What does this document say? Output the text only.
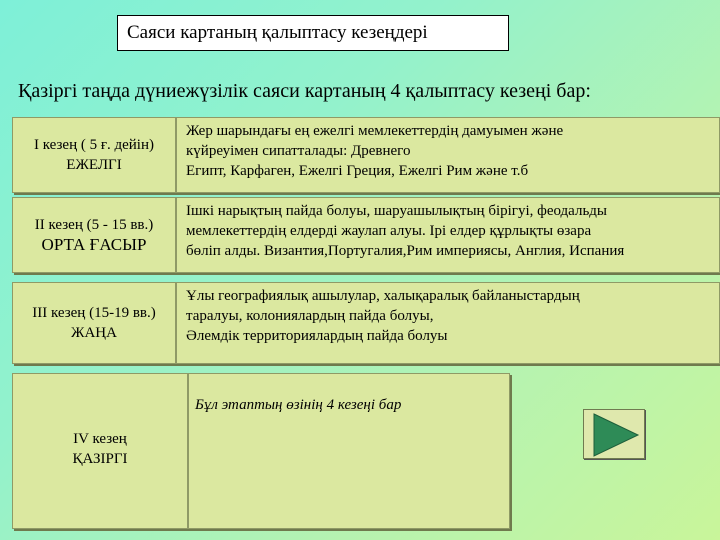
Саяси картаның қалыптасу кезеңдері
Қазіргі таңда дүниежүзілік саяси картаның 4 қалыптасу кезеңі бар:
I кезең ( 5 ғ. дейін)
ЕЖЕЛГІ
Жер шарындағы ең ежелгі мемлекеттердің дамуымен және
күйреуімен сипатталады: Древнего
Египт, Карфаген, Ежелгі Греция, Ежелгі Рим және т.б
II кезең (5 - 15 вв.)
ОРТА ҒАСЫР
Ішкі нарықтың пайда болуы, шаруашылықтың бірігуі, феодальды
мемлекеттердің елдерді жаулап алуы. Ірі елдер құрлықты өзара
бөліп алды. Византия,Португалия,Рим империясы, Англия, Испания
III кезең (15-19 вв.)
ЖАҢА
Ұлы географиялық ашылулар, халықаралық байланыстардың
таралуы, колониялардың пайда болуы,
Әлемдік территориялардың пайда болуы
IV кезең
ҚАЗІРГІ
Бұл этаптың өзінің 4 кезеңі бар
